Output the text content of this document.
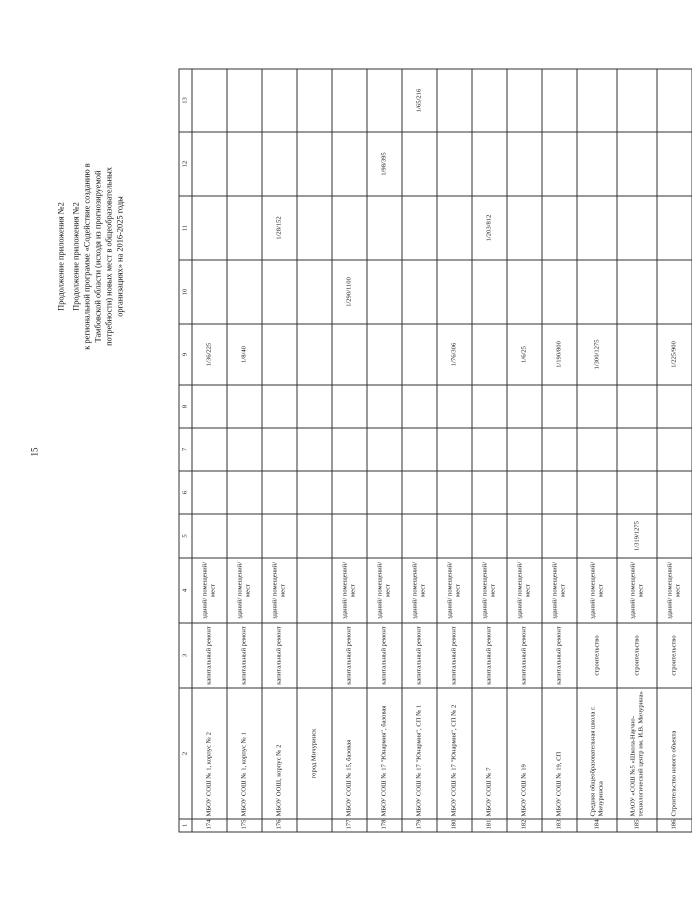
15
Продолжение приложения №2 Продолжение приложения №2 к региональной программе «Содействие созданию в Тамбовской области (исходя из прогнозируемой потребности) новых мест в общеобразовательных организациях» на 2016-2025 годы
1	2	3	4	5	6	7	8	9	10	11	12	13
174	МБОУ СОШ № 1, корпус № 2	капитальный ремонт	зданий/ помещений/ мест					1/36/225				
175	МБОУ СОШ № 1, корпус № 1	капитальный ремонт	зданий/ помещений/ мест					1/8/40				
176	МБОУ ООШ, корпус № 2	капитальный ремонт	зданий/ помещений/ мест							1/28/152		
	город Мичуринск											
177	МБОУ СОШ № 15, базовая	капитальный ремонт	зданий/ помещений/ мест						1/290/1100			
178	МБОУ СОШ № 17 "Юнармия", базовая	капитальный ремонт	зданий/ помещений/ мест								1/98/395	
179	МБОУ СОШ № 17 "Юнармия", СП № 1	капитальный ремонт	зданий/ помещений/ мест									1/65/216
180	МБОУ СОШ № 17 "Юнармия", СП № 2	капитальный ремонт	зданий/ помещений/ мест					1/76/306				
181	МБОУ СОШ № 7	капитальный ремонт	зданий/ помещений/ мест							1/203/812		
182	МБОУ СОШ № 19	капитальный ремонт	зданий/ помещений/ мест					1/6/25				
183	МБОУ СОШ № 19, СП	капитальный ремонт	зданий/ помещений/ мест					1/190/800				
184	Средняя общеобразовательная школа г. Мичуринска	строительство	зданий/ помещений/ мест					1/300/1275				
185	МАОУ «СОШ №5 «Школа-Научно-технологический центр им. И.В. Мичурина»	строительство	зданий/ помещений/ мест	1/319/1275								
186	Строительство нового объекта	строительство	зданий/ помещений/ мест					1/225/900				
